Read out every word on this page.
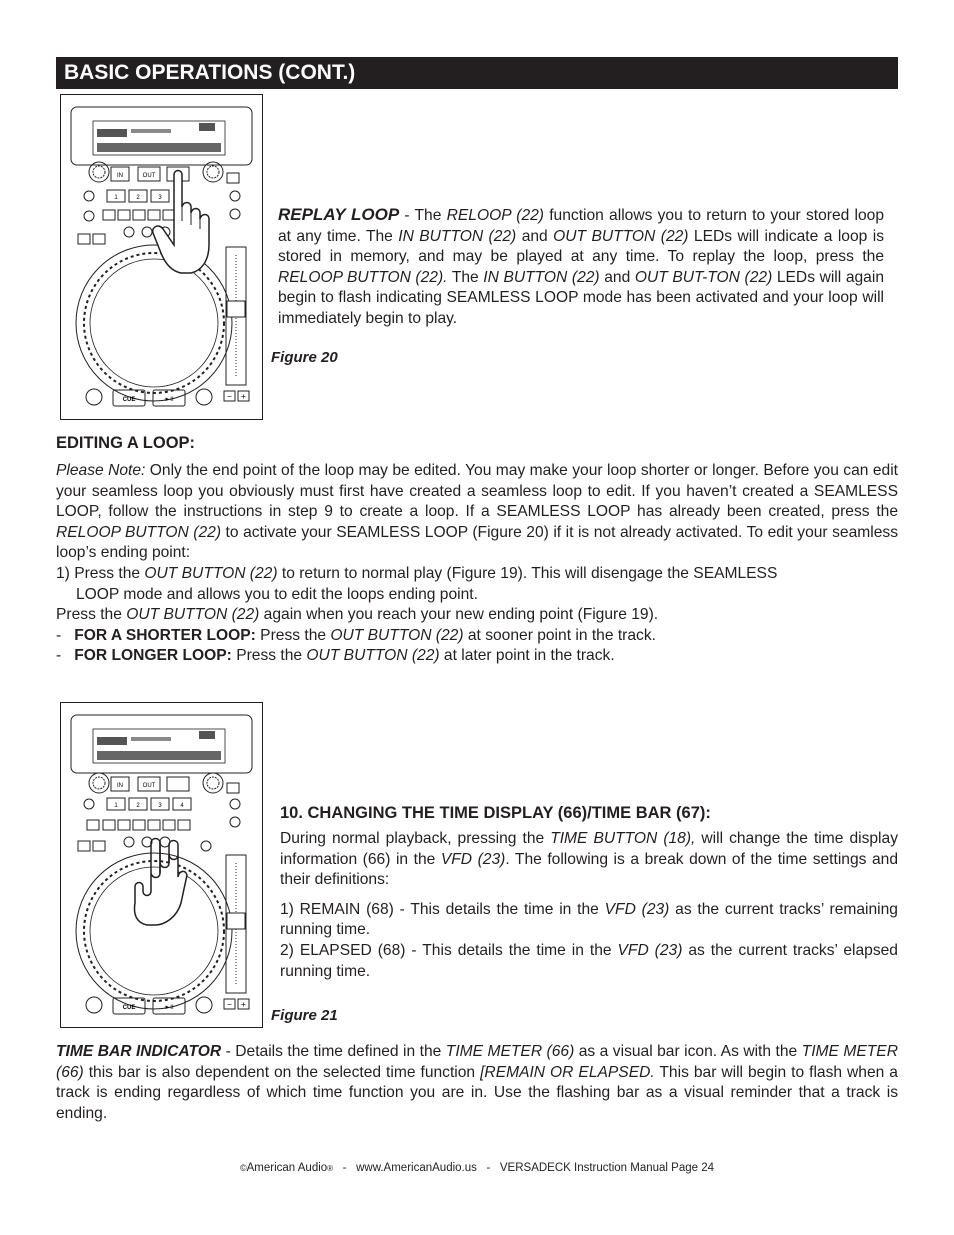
BASIC OPERATIONS (CONT.)
IN	OUT
1	2	3
CUE	►II	− +
Figure 20
REPLAY LOOP - The RELOOP (22) function allows you to return to your stored loop at any time. The IN BUTTON (22) and OUT BUTTON (22) LEDs will indicate a loop is stored in memory, and may be played at any time. To replay the loop, press the RELOOP BUTTON (22). The IN BUTTON (22) and OUT BUT-TON (22) LEDs will again begin to flash indicating SEAMLESS LOOP mode has been activated and your loop will immediately begin to play.
EDITING A LOOP:

Please Note: Only the end point of the loop may be edited. You may make your loop shorter or longer. Before you can edit your seamless loop you obviously must first have created a seamless loop to edit. If you haven’t created a SEAMLESS LOOP, follow the instructions in step 9 to create a loop. If a SEAMLESS LOOP has already been created, press the RELOOP BUTTON (22) to activate your SEAMLESS LOOP (Figure 20) if it is not already activated. To edit your seamless loop’s ending point:

1) Press the OUT BUTTON (22) to return to normal play (Figure 19). This will disengage the SEAMLESS

LOOP mode and allows you to edit the loops ending point.

Press the OUT BUTTON (22) again when you reach your new ending point (Figure 19).

- FOR A SHORTER LOOP: Press the OUT BUTTON (22) at sooner point in the track.

- FOR LONGER LOOP: Press the OUT BUTTON (22) at later point in the track.

IN	OUT
1	2	3	4
CUE	►II	− +
Figure 21
10. CHANGING THE TIME DISPLAY (66)/TIME BAR (67):

During normal playback, pressing the TIME BUTTON (18), will change the time display information (66) in the VFD (23). The following is a break down of the time settings and their definitions:

1) REMAIN (68) - This details the time in the VFD (23) as the current tracks’ remaining running time.

2) ELAPSED (68) - This details the time in the VFD (23) as the current tracks’ elapsed running time.

TIME BAR INDICATOR - Details the time defined in the TIME METER (66) as a visual bar icon. As with the TIME METER (66) this bar is also dependent on the selected time function [REMAIN OR ELAPSED. This bar will begin to flash when a track is ending regardless of which time function you are in. Use the flashing bar as a visual reminder that a track is ending.
©American Audio®   -   www.AmericanAudio.us   -   VERSADECK Instruction Manual Page 24
